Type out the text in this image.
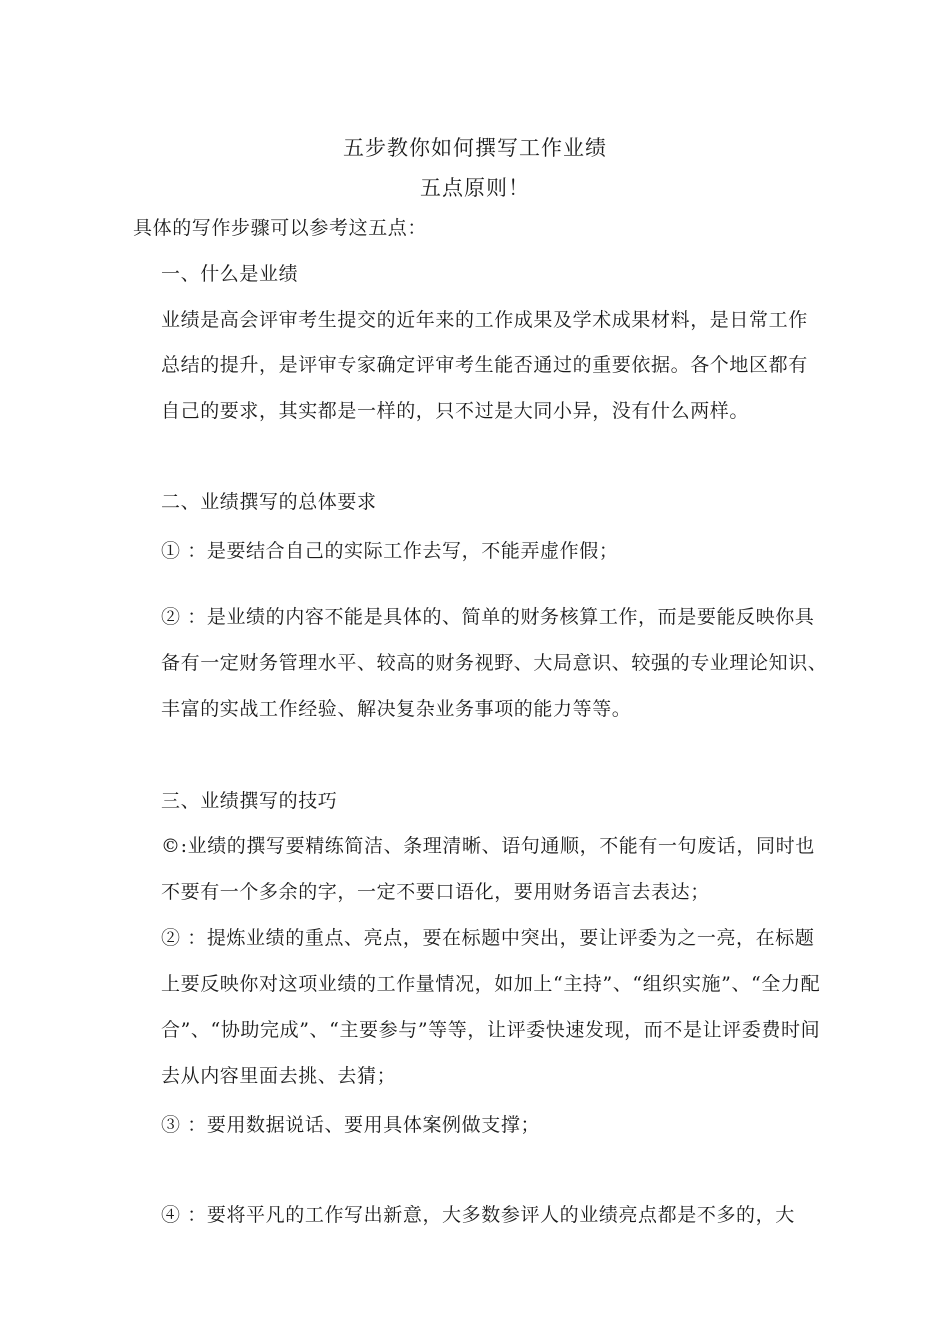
五步教你如何撰写工作业绩
五点原则！
具体的写作步骤可以参考这五点：
一、什么是业绩
业绩是高会评审考生提交的近年来的工作成果及学术成果材料，是日常工作
总结的提升，是评审专家确定评审考生能否通过的重要依据。各个地区都有
自己的要求，其实都是一样的，只不过是大同小异，没有什么两样。
二、业绩撰写的总体要求
① ：是要结合自己的实际工作去写，不能弄虚作假；
② ：是业绩的内容不能是具体的、简单的财务核算工作，而是要能反映你具
备有一定财务管理水平、较高的财务视野、大局意识、较强的专业理论知识、
丰富的实战工作经验、解决复杂业务事项的能力等等。
三、业绩撰写的技巧
©:业绩的撰写要精练简洁、条理清晰、语句通顺，不能有一句废话，同时也
不要有一个多余的字，一定不要口语化，要用财务语言去表达；
② ：提炼业绩的重点、亮点，要在标题中突出，要让评委为之一亮，在标题
上要反映你对这项业绩的工作量情况，如加上“主持”、“组织实施”、“全力配
合”、“协助完成”、“主要参与”等等，让评委快速发现，而不是让评委费时间
去从内容里面去挑、去猜；
③ ：要用数据说话、要用具体案例做支撑；
④ ：要将平凡的工作写出新意，大多数参评人的业绩亮点都是不多的，大
